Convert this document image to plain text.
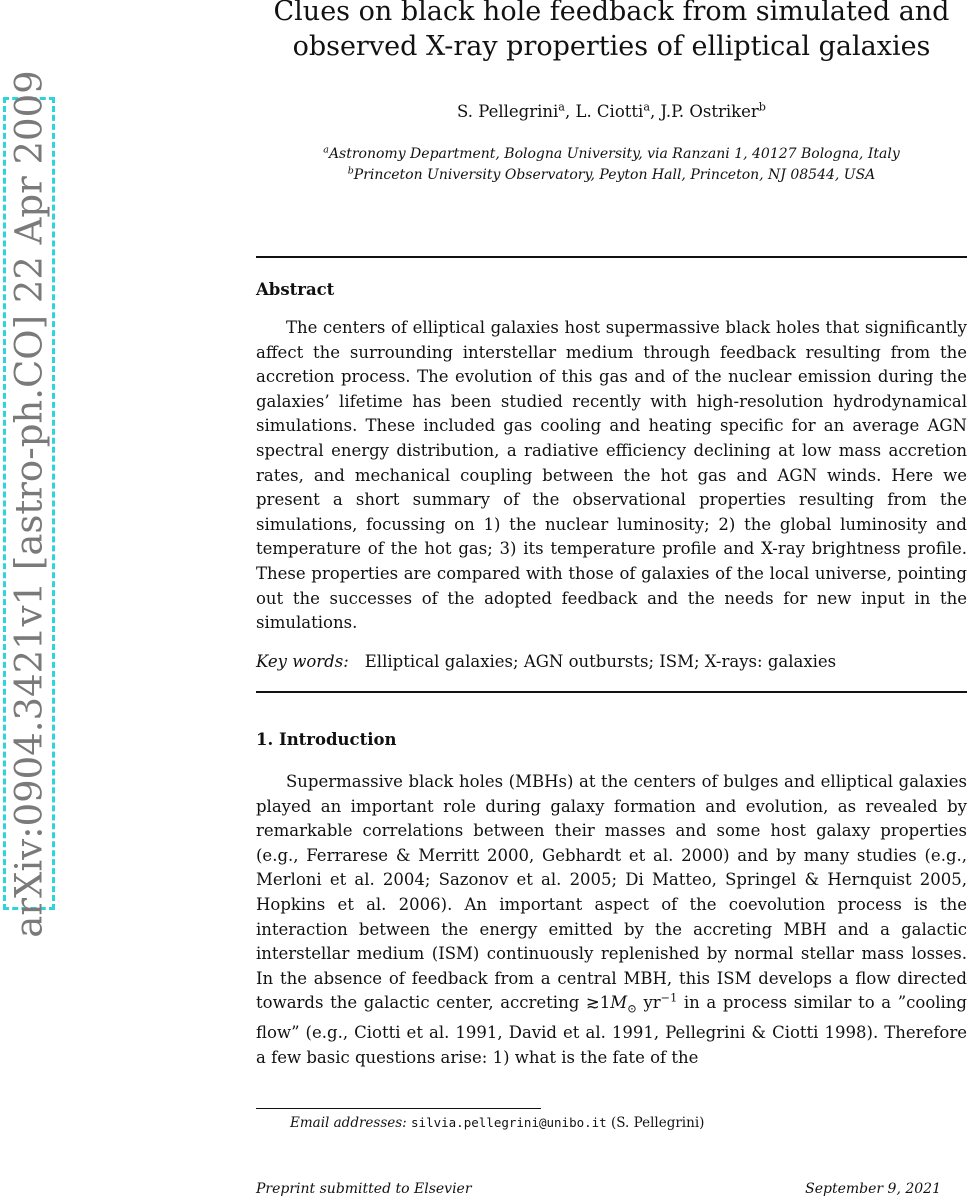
arXiv:0904.3421v1 [astro-ph.CO] 22 Apr 2009
Clues on black hole feedback from simulated and
observed X-ray properties of elliptical galaxies
S. Pellegrini$^a$, L. Ciotti$^a$, J.P. Ostriker$^b$
$^a$Astronomy Department, Bologna University, via Ranzani 1, 40127 Bologna, Italy
$^b$Princeton University Observatory, Peyton Hall, Princeton, NJ 08544, USA
Abstract

The centers of elliptical galaxies host supermassive black holes that significantly affect the surrounding interstellar medium through feedback resulting from the accretion process. The evolution of this gas and of the nuclear emission during the galaxies’ lifetime has been studied recently with high-resolution hydrodynamical simulations. These included gas cooling and heating specific for an average AGN spectral energy distribution, a radiative efficiency declining at low mass accretion rates, and mechanical coupling between the hot gas and AGN winds. Here we present a short summary of the observational properties resulting from the simulations, focussing on 1) the nuclear luminosity; 2) the global luminosity and temperature of the hot gas; 3) its temperature profile and X-ray brightness profile. These properties are compared with those of galaxies of the local universe, pointing out the successes of the adopted feedback and the needs for new input in the simulations.

Key words: Elliptical galaxies; AGN outbursts; ISM; X-rays: galaxies
1. Introduction

Supermassive black holes (MBHs) at the centers of bulges and elliptical galaxies played an important role during galaxy formation and evolution, as revealed by remarkable correlations between their masses and some host galaxy properties (e.g., Ferrarese & Merritt 2000, Gebhardt et al. 2000) and by many studies (e.g., Merloni et al. 2004; Sazonov et al. 2005; Di Matteo, Springel & Hernquist 2005, Hopkins et al. 2006). An important aspect of the coevolution process is the interaction between the energy emitted by the accreting MBH and a galactic interstellar medium (ISM) continuously replenished by normal stellar mass losses. In the absence of feedback from a central MBH, this ISM develops a flow directed towards the galactic center, accreting $≳1M_⊙$ $yr^{-1}$ in a process similar to a ”cooling flow” (e.g., Ciotti et al. 1991, David et al. 1991, Pellegrini & Ciotti 1998). Therefore a few basic questions arise: 1) what is the fate of the

Email addresses: silvia.pellegrini@unibo.it (S. Pellegrini)
Preprint submitted to Elsevier	September 9, 2021
